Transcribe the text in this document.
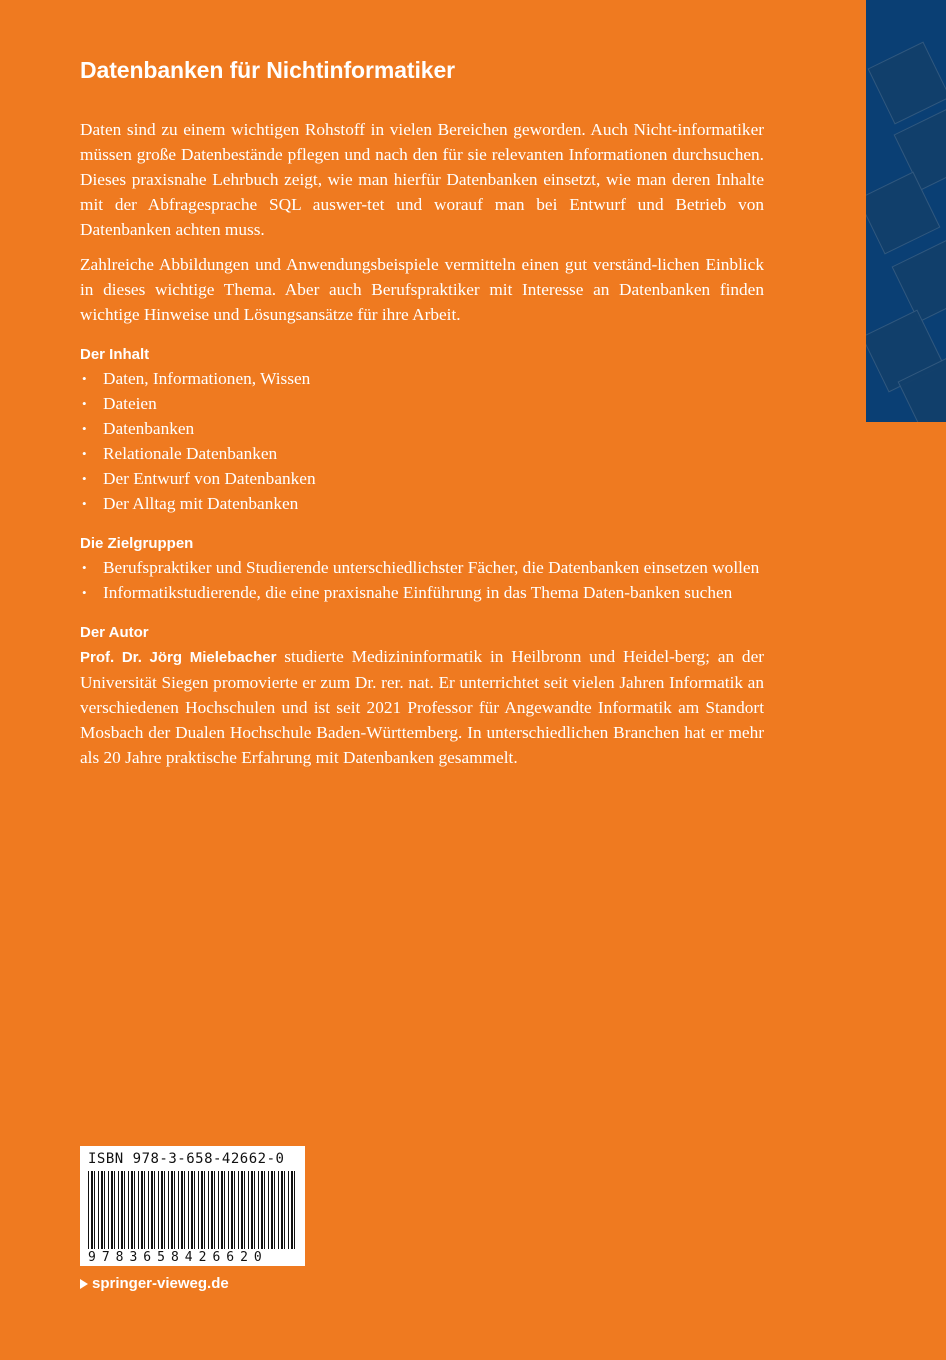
Datenbanken für Nichtinformatiker

Daten sind zu einem wichtigen Rohstoff in vielen Bereichen geworden. Auch Nicht-informatiker müssen große Datenbestände pflegen und nach den für sie relevanten Informationen durchsuchen. Dieses praxisnahe Lehrbuch zeigt, wie man hierfür Datenbanken einsetzt, wie man deren Inhalte mit der Abfragesprache SQL auswer-tet und worauf man bei Entwurf und Betrieb von Datenbanken achten muss.

Zahlreiche Abbildungen und Anwendungsbeispiele vermitteln einen gut verständ-lichen Einblick in dieses wichtige Thema. Aber auch Berufspraktiker mit Interesse an Datenbanken finden wichtige Hinweise und Lösungsansätze für ihre Arbeit.

Der Inhalt
• Daten, Informationen, Wissen
• Dateien
• Datenbanken
• Relationale Datenbanken
• Der Entwurf von Datenbanken
• Der Alltag mit Datenbanken
Die Zielgruppen
• Berufspraktiker und Studierende unterschiedlichster Fächer, die Datenbanken einsetzen wollen
• Informatikstudierende, die eine praxisnahe Einführung in das Thema Daten-banken suchen
Der Autor

Prof. Dr. Jörg Mielebacher studierte Medizininformatik in Heilbronn und Heidel-berg; an der Universität Siegen promovierte er zum Dr. rer. nat. Er unterrichtet seit vielen Jahren Informatik an verschiedenen Hochschulen und ist seit 2021 Professor für Angewandte Informatik am Standort Mosbach der Dualen Hochschule Baden-Württemberg. In unterschiedlichen Branchen hat er mehr als 20 Jahre praktische Erfahrung mit Datenbanken gesammelt.

ISBN 978-3-658-42662-0
9783658426620
springer-vieweg.de
